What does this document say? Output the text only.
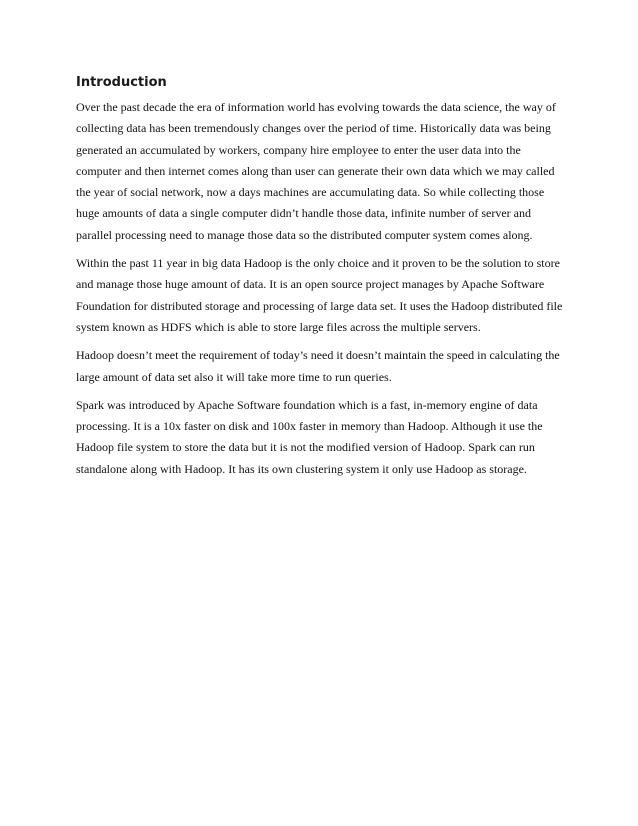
Introduction

Over the past decade the era of information world has evolving towards the data science, the way of collecting data has been tremendously changes over the period of time. Historically data was being generated an accumulated by workers, company hire employee to enter the user data into the computer and then internet comes along than user can generate their own data which we may called the year of social network, now a days machines are accumulating data. So while collecting those huge amounts of data a single computer didn’t handle those data, infinite number of server and parallel processing need to manage those data so the distributed computer system comes along.

Within the past 11 year in big data Hadoop is the only choice and it proven to be the solution to store and manage those huge amount of data. It is an open source project manages by Apache Software Foundation for distributed storage and processing of large data set. It uses the Hadoop distributed file system known as HDFS which is able to store large files across the multiple servers.

Hadoop doesn’t meet the requirement of today’s need it doesn’t maintain the speed in calculating the large amount of data set also it will take more time to run queries.

Spark was introduced by Apache Software foundation which is a fast, in-memory engine of data processing. It is a 10x faster on disk and 100x faster in memory than Hadoop. Although it use the Hadoop file system to store the data but it is not the modified version of Hadoop. Spark can run standalone along with Hadoop. It has its own clustering system it only use Hadoop as storage.
